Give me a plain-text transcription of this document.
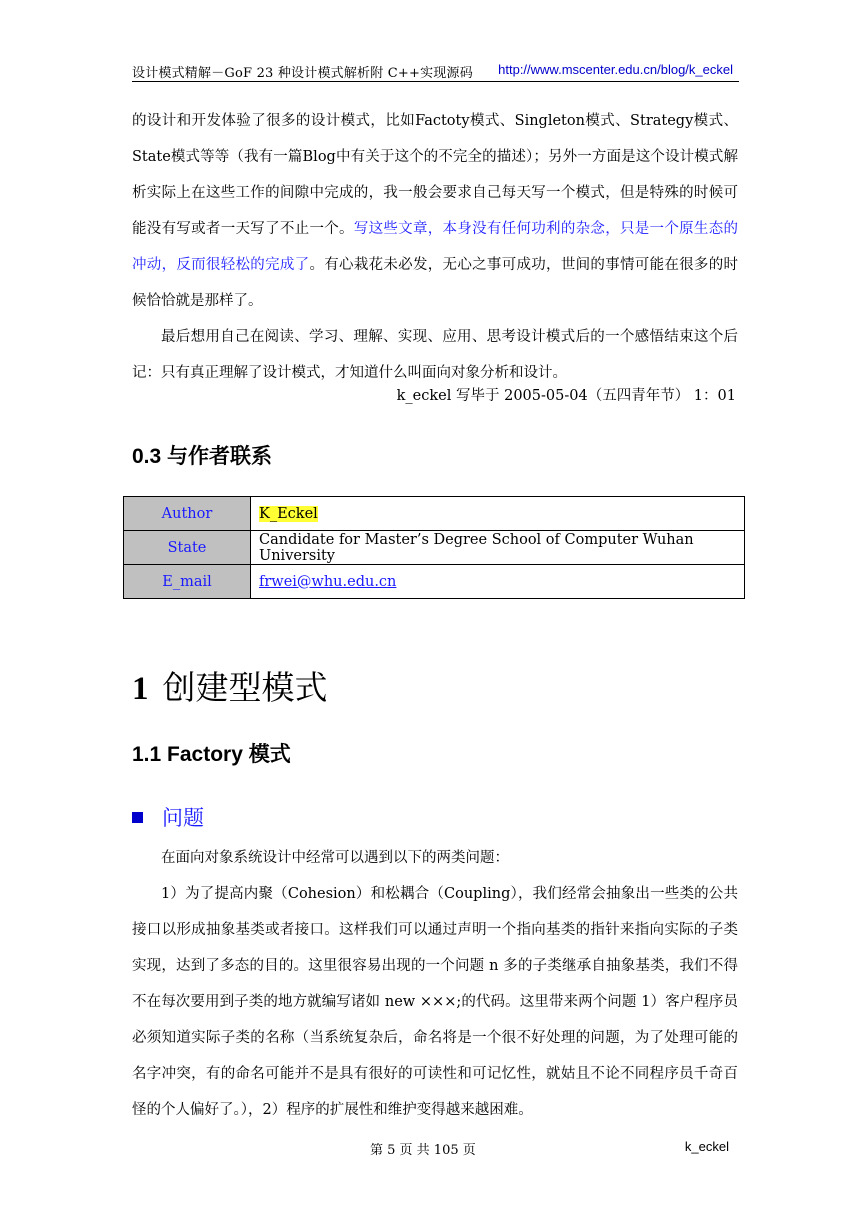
设计模式精解－GoF 23 种设计模式解析附 C++实现源码 http://www.mscenter.edu.cn/blog/k_eckel

的设计和开发体验了很多的设计模式，比如Factoty模式、Singleton模式、Strategy模式、State模式等等（我有一篇Blog中有关于这个的不完全的描述）；另外一方面是这个设计模式解析实际上在这些工作的间隙中完成的，我一般会要求自己每天写一个模式，但是特殊的时候可能没有写或者一天写了不止一个。写这些文章，本身没有任何功利的杂念，只是一个原生态的冲动，反而很轻松的完成了。有心栽花未必发，无心之事可成功，世间的事情可能在很多的时候恰恰就是那样了。

最后想用自己在阅读、学习、理解、实现、应用、思考设计模式后的一个感悟结束这个后记：只有真正理解了设计模式，才知道什么叫面向对象分析和设计。

k_eckel 写毕于 2005-05-04（五四青年节） 1：01
0.3 与作者联系
Author	K_Eckel
State	Candidate for Master’s Degree School of Computer Wuhan University
E_mail	frwei@whu.edu.cn
1 创建型模式
1.1 Factory 模式
问题

在面向对象系统设计中经常可以遇到以下的两类问题：

1）为了提高内聚（Cohesion）和松耦合（Coupling），我们经常会抽象出一些类的公共接口以形成抽象基类或者接口。这样我们可以通过声明一个指向基类的指针来指向实际的子类实现，达到了多态的目的。这里很容易出现的一个问题 n 多的子类继承自抽象基类，我们不得不在每次要用到子类的地方就编写诸如 new ×××;的代码。这里带来两个问题 1）客户程序员必须知道实际子类的名称（当系统复杂后，命名将是一个很不好处理的问题，为了处理可能的名字冲突，有的命名可能并不是具有很好的可读性和可记忆性，就姑且不论不同程序员千奇百怪的个人偏好了。），2）程序的扩展性和维护变得越来越困难。

第 5 页 共 105 页	k_eckel
